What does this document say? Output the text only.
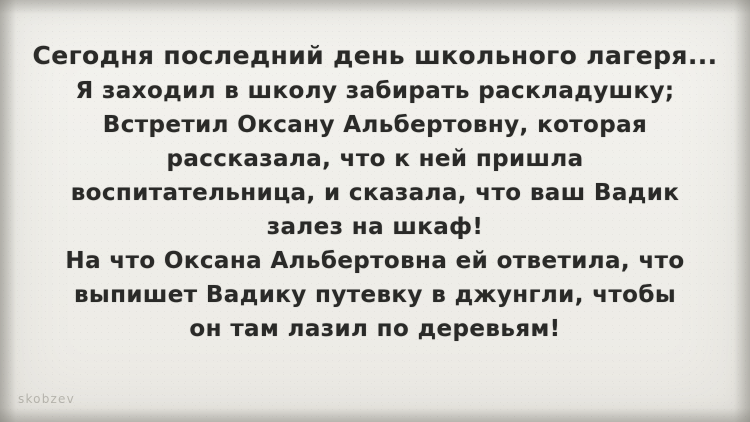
Сегодня последний день школьного лагеря...
Я заходил в школу забирать раскладушку;
Встретил Оксану Альбертовну, которая
рассказала, что к ней пришла
воспитательница, и сказала, что ваш Вадик
залез на шкаф!
На что Оксана Альбертовна ей ответила, что
выпишет Вадику путевку в джунгли, чтобы
он там лазил по деревьям!
skobzev
